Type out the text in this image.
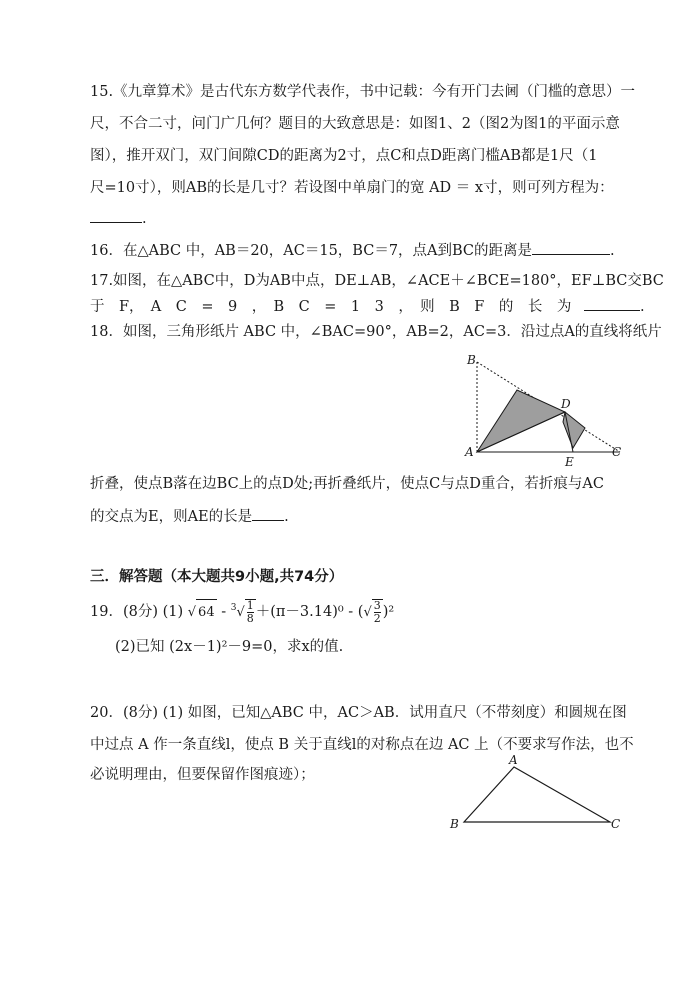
15.《九章算术》是古代东方数学代表作，书中记载：今有开门去阃（门槛的意思）一
尺，不合二寸，问门广几何？题目的大致意思是：如图1、2（图2为图1的平面示意
图），推开双门，双门间隙CD的距离为2寸，点C和点D距离门槛AB都是1尺（1
尺=10寸），则AB的长是几寸？若设图中单扇门的宽 AD ＝ x寸，则可列方程为：
.
16．在△ABC 中，AB＝20，AC＝15，BC＝7，点A到BC的距离是	.
17.如图，在△ABC中，D为AB中点，DE⊥AB，∠ACE＋∠BCE=180°，EF⊥BC交BC
于　F，　A　C　=　9　，　B　C　=　1　3　，　则　B　F　的　长　为	.
18．如图，三角形纸片 ABC 中，∠BAC=90°，AB=2，AC=3．沿过点A的直线将纸片
B
D
A
E
C
折叠，使点B落在边BC上的点D处;再折叠纸片，使点C与点D重合，若折痕与AC
的交点为E，则AE的长是 .
三．解答题（本大题共9小题,共74分）
19．(8分) (1) √ $64 - ^3√ \frac{1}{8} +(\pi-3.14)^0$ - (√ $\frac{3}{2} )^2$
(2)已知 (2x－1)²－9=0，求x的值.
20．(8分) (1) 如图，已知△ABC 中，AC＞AB．试用直尺（不带刻度）和圆规在图
中过点 A 作一条直线l，使点 B 关于直线l的对称点在边 AC 上（不要求写作法，也不
必说明理由，但要保留作图痕迹）；
A
B	C
